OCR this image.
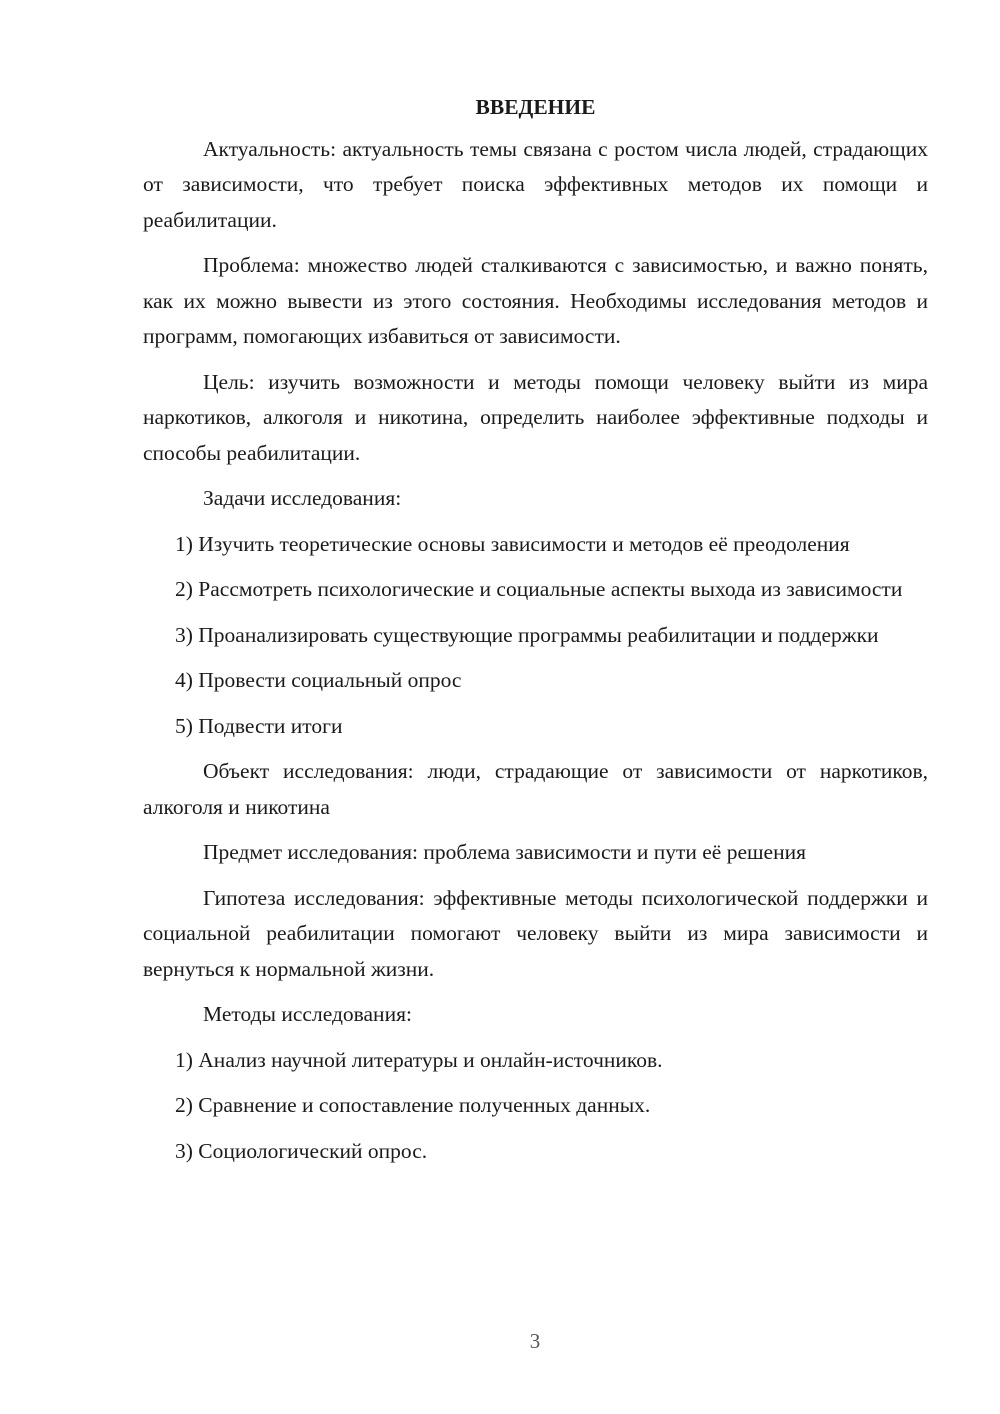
ВВЕДЕНИЕ

Актуальность: актуальность темы связана с ростом числа людей, страдающих от зависимости, что требует поиска эффективных методов их помощи и реабилитации.

Проблема: множество людей сталкиваются с зависимостью, и важно понять, как их можно вывести из этого состояния. Необходимы исследования методов и программ, помогающих избавиться от зависимости.

Цель: изучить возможности и методы помощи человеку выйти из мира наркотиков, алкоголя и никотина, определить наиболее эффективные подходы и способы реабилитации.

Задачи исследования:

1) Изучить теоретические основы зависимости и методов её преодоления

2) Рассмотреть психологические и социальные аспекты выхода из зависимости

3) Проанализировать существующие программы реабилитации и поддержки

4) Провести социальный опрос

5) Подвести итоги

Объект исследования: люди, страдающие от зависимости от наркотиков, алкоголя и никотина

Предмет исследования: проблема зависимости и пути её решения

Гипотеза исследования: эффективные методы психологической поддержки и социальной реабилитации помогают человеку выйти из мира зависимости и вернуться к нормальной жизни.

Методы исследования:

1) Анализ научной литературы и онлайн-источников.

2) Сравнение и сопоставление полученных данных.

3) Социологический опрос.

3
